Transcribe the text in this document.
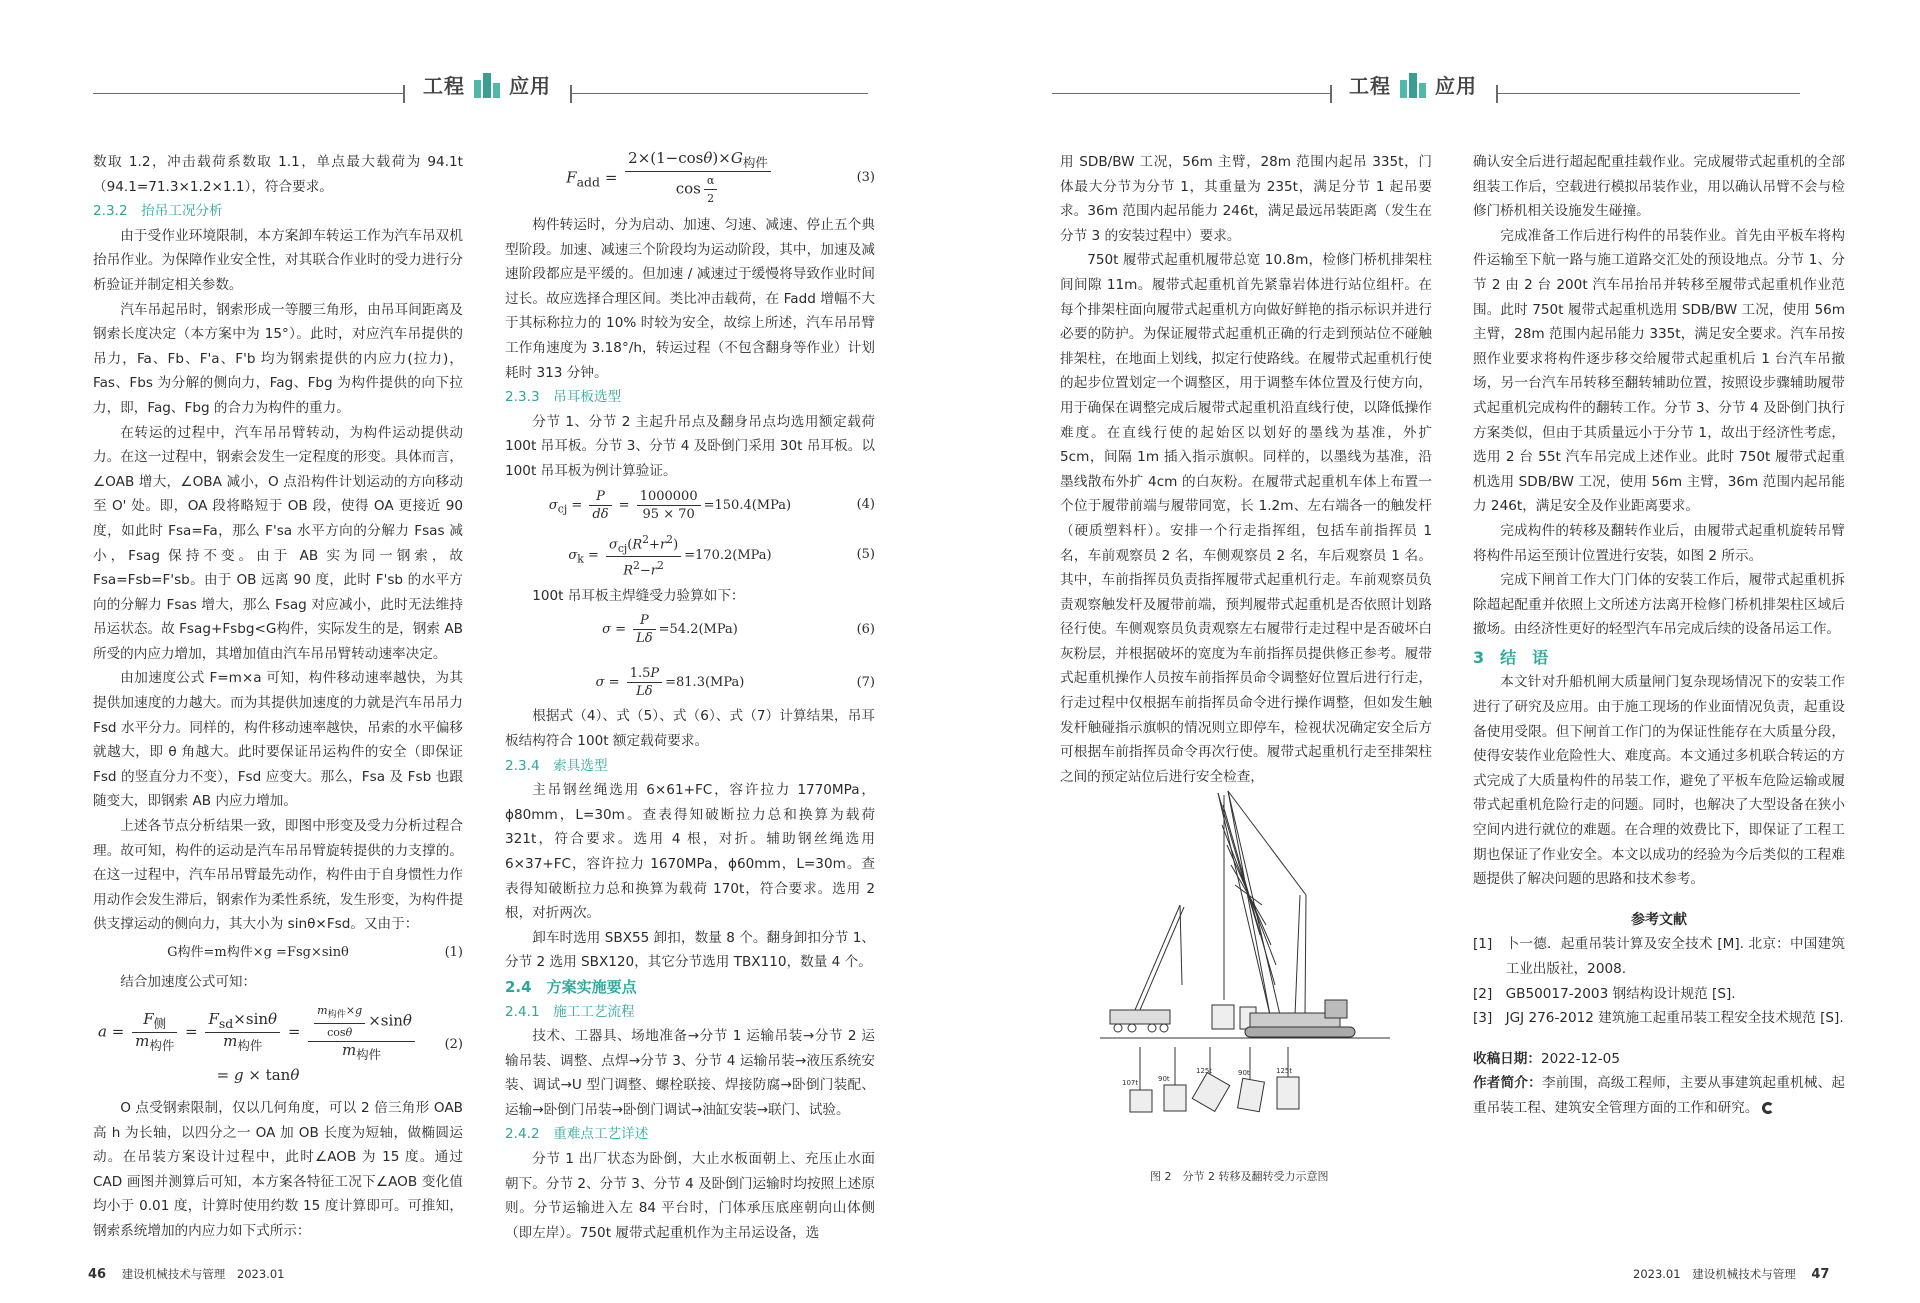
工程 应用

数取 1.2，冲击载荷系数取 1.1，单点最大载荷为 94.1t（94.1=71.3×1.2×1.1），符合要求。

2.3.2　抬吊工况分析

由于受作业环境限制，本方案卸车转运工作为汽车吊双机抬吊作业。为保障作业安全性，对其联合作业时的受力进行分析验证并制定相关参数。

汽车吊起吊时，钢索形成一等腰三角形，由吊耳间距离及钢索长度决定（本方案中为 15°）。此时，对应汽车吊提供的吊力，Fa、Fb、F'a、F'b 均为钢索提供的内应力(拉力)，Fas、Fbs 为分解的侧向力，Fag、Fbg 为构件提供的向下拉力，即，Fag、Fbg 的合力为构件的重力。

在转运的过程中，汽车吊吊臂转动，为构件运动提供动力。在这一过程中，钢索会发生一定程度的形变。具体而言，∠OAB 增大，∠OBA 减小，O 点沿构件计划运动的方向移动至 O' 处。即，OA 段将略短于 OB 段，使得 OA 更接近 90 度，如此时 Fsa=Fa，那么 F'sa 水平方向的分解力 Fsas 减小，Fsag 保持不变。由于 AB 实为同一钢索，故 Fsa=Fsb=F'sb。由于 OB 远离 90 度，此时 F'sb 的水平方向的分解力 Fsas 增大，那么 Fsag 对应减小，此时无法维持吊运状态。故 Fsag+Fsbg<G构件，实际发生的是，钢索 AB 所受的内应力增加，其增加值由汽车吊吊臂转动速率决定。

由加速度公式 F=m×a 可知，构件移动速率越快，为其提供加速度的力越大。而为其提供加速度的力就是汽车吊吊力 Fsd 水平分力。同样的，构件移动速率越快，吊索的水平偏移就越大，即 θ 角越大。此时要保证吊运构件的安全（即保证 Fsd 的竖直分力不变），Fsd 应变大。那么，Fsa 及 Fsb 也跟随变大，即钢索 AB 内应力增加。

上述各节点分析结果一致，即图中形变及受力分析过程合理。故可知，构件的运动是汽车吊吊臂旋转提供的力支撑的。在这一过程中，汽车吊吊臂最先动作，构件由于自身惯性力作用动作会发生滞后，钢索作为柔性系统，发生形变，为构件提供支撑运动的侧向力，其大小为 sinθ×Fsd。又由于：

G构件=m构件×g =Fsg×sinθ	(1)

结合加速度公式可知：

$a = \frac{F_侧}{m_{构件}} = \frac{F_{sd}\times\sin\theta}{m_{构件}} = \frac{\frac{m_{构件}\times g}{\cos\theta} \times\sin\theta}{m_{构件}}$
= g × tanθ
(2)

O 点受钢索限制，仅以几何角度，可以 2 倍三角形 OAB 高 h 为长轴，以四分之一 OA 加 OB 长度为短轴，做椭圆运动。在吊装方案设计过程中，此时∠AOB 为 15 度。通过 CAD 画图并测算后可知，本方案各特征工况下∠AOB 变化值均小于 0.01 度，计算时使用约数 15 度计算即可。可推知，钢索系统增加的内应力如下式所示：

$F_{add} = \frac{2\times(1-\cos\theta)\times G_{构件}}{\cos \frac{\alpha}{2}}$	(3)

构件转运时，分为启动、加速、匀速、减速、停止五个典型阶段。加速、减速三个阶段均为运动阶段，其中，加速及减速阶段都应是平缓的。但加速 / 减速过于缓慢将导致作业时间过长。故应选择合理区间。类比冲击载荷，在 Fadd 增幅不大于其标称拉力的 10% 时较为安全，故综上所述，汽车吊吊臂工作角速度为 3.18°/h，转运过程（不包含翻身等作业）计划耗时 313 分钟。

2.3.3　吊耳板选型

分节 1、分节 2 主起升吊点及翻身吊点均选用额定载荷 100t 吊耳板。分节 3、分节 4 及卧倒门采用 30t 吊耳板。以 100t 吊耳板为例计算验证。

$\sigma_{cj} = \frac{P}{d\delta} = \frac{1000000}{95 \times 70} =150.4(MPa)$	(4)
$\sigma_k = \frac{\sigma_{cj}(R^2+r^2)}{R^2-r^2} =170.2(MPa)$	(5)

100t 吊耳板主焊缝受力验算如下：

$\sigma = \frac{P}{L\delta} =54.2(MPa)$	(6)
$\sigma = \frac{1.5P}{L\delta} =81.3(MPa)$	(7)

根据式（4）、式（5）、式（6）、式（7）计算结果，吊耳板结构符合 100t 额定载荷要求。

2.3.4　索具选型

主吊钢丝绳选用 6×61+FC，容许拉力 1770MPa，ϕ80mm，L=30m。查表得知破断拉力总和换算为载荷 321t，符合要求。选用 4 根，对折。辅助钢丝绳选用 6×37+FC，容许拉力 1670MPa，ϕ60mm，L=30m。查表得知破断拉力总和换算为载荷 170t，符合要求。选用 2 根，对折两次。

卸车时选用 SBX55 卸扣，数量 8 个。翻身卸扣分节 1、分节 2 选用 SBX120，其它分节选用 TBX110，数量 4 个。

2.4　方案实施要点

2.4.1　施工工艺流程

技术、工器具、场地准备→分节 1 运输吊装→分节 2 运输吊装、调整、点焊→分节 3、分节 4 运输吊装→液压系统安装、调试→U 型门调整、螺栓联接、焊接防腐→卧倒门装配、运输→卧倒门吊装→卧倒门调试→油缸安装→联门、试验。

2.4.2　重难点工艺详述

分节 1 出厂状态为卧倒，大止水板面朝上、充压止水面朝下。分节 2、分节 3、分节 4 及卧倒门运输时均按照上述原则。分节运输进入左 84 平台时，门体承压底座朝向山体侧（即左岸）。750t 履带式起重机作为主吊运设备，选

46 建设机械技术与管理 2023.01
工程 应用

用 SDB/BW 工况，56m 主臂，28m 范围内起吊 335t，门体最大分节为分节 1，其重量为 235t，满足分节 1 起吊要求。36m 范围内起吊能力 246t，满足最远吊装距离（发生在分节 3 的安装过程中）要求。

750t 履带式起重机履带总宽 10.8m，检修门桥机排架柱间间隙 11m。履带式起重机首先紧靠岩体进行站位组杆。在每个排架柱面向履带式起重机方向做好鲜艳的指示标识并进行必要的防护。为保证履带式起重机正确的行走到预站位不碰触排架柱，在地面上划线，拟定行使路线。在履带式起重机行使的起步位置划定一个调整区，用于调整车体位置及行使方向，用于确保在调整完成后履带式起重机沿直线行使，以降低操作难度。在直线行使的起始区以划好的墨线为基准，外扩 5cm，间隔 1m 插入指示旗帜。同样的，以墨线为基准，沿墨线散布外扩 4cm 的白灰粉。在履带式起重机车体上布置一个位于履带前端与履带同宽，长 1.2m、左右端各一的触发杆（硬质塑料杆）。安排一个行走指挥组，包括车前指挥员 1 名，车前观察员 2 名，车侧观察员 2 名，车后观察员 1 名。其中，车前指挥员负责指挥履带式起重机行走。车前观察员负责观察触发杆及履带前端，预判履带式起重机是否依照计划路径行使。车侧观察员负责观察左右履带行走过程中是否破坏白灰粉层，并根据破坏的宽度为车前指挥员提供修正参考。履带式起重机操作人员按车前指挥员命令调整好位置后进行行走，行走过程中仅根据车前指挥员命令进行操作调整，但如发生触发杆触碰指示旗帜的情况则立即停车，检视状况确定安全后方可根据车前指挥员命令再次行使。履带式起重机行走至排架柱之间的预定站位后进行安全检查，

确认安全后进行超起配重挂载作业。完成履带式起重机的全部组装工作后，空载进行模拟吊装作业，用以确认吊臂不会与检修门桥机相关设施发生碰撞。

完成准备工作后进行构件的吊装作业。首先由平板车将构件运输至下航一路与施工道路交汇处的预设地点。分节 1、分节 2 由 2 台 200t 汽车吊抬吊并转移至履带式起重机作业范围。此时 750t 履带式起重机选用 SDB/BW 工况，使用 56m 主臂，28m 范围内起吊能力 335t，满足安全要求。汽车吊按照作业要求将构件逐步移交给履带式起重机后 1 台汽车吊撤场，另一台汽车吊转移至翻转辅助位置，按照设步骤辅助履带式起重机完成构件的翻转工作。分节 3、分节 4 及卧倒门执行方案类似，但由于其质量远小于分节 1，故出于经济性考虑，选用 2 台 55t 汽车吊完成上述作业。此时 750t 履带式起重机选用 SDB/BW 工况，使用 56m 主臂，36m 范围内起吊能力 246t，满足安全及作业距离要求。

完成构件的转移及翻转作业后，由履带式起重机旋转吊臂将构件吊运至预计位置进行安装，如图 2 所示。

完成下闸首工作大门门体的安装工作后，履带式起重机拆除超起配重并依照上文所述方法离开检修门桥机排架柱区域后撤场。由经济性更好的轻型汽车吊完成后续的设备吊运工作。

3　结　语

本文针对升船机闸大质量闸门复杂现场情况下的安装工作进行了研究及应用。由于施工现场的作业面情况负责，起重设备使用受限。但下闸首工作门的为保证性能存在大质量分段，使得安装作业危险性大、难度高。本文通过多机联合转运的方式完成了大质量构件的吊装工作，避免了平板车危险运输或履带式起重机危险行走的问题。同时，也解决了大型设备在狭小空间内进行就位的难题。在合理的效费比下，即保证了工程工期也保证了作业安全。本文以成功的经验为今后类似的工程难题提供了解决问题的思路和技术参考。

参考文献

[1] 卜一德．起重吊装计算及安全技术 [M]. 北京：中国建筑工业出版社，2008.

[2] GB50017-2003 钢结构设计规范 [S].

[3] JGJ 276-2012 建筑施工起重吊装工程安全技术规范 [S].

收稿日期：2022-12-05

作者简介：李前围，高级工程师，主要从事建筑起重机械、起重吊装工程、建筑安全管理方面的工作和研究。

2023.01 建设机械技术与管理 47
107t	90t
125t	90t	125t
图 2　分节 2 转移及翻转受力示意图
